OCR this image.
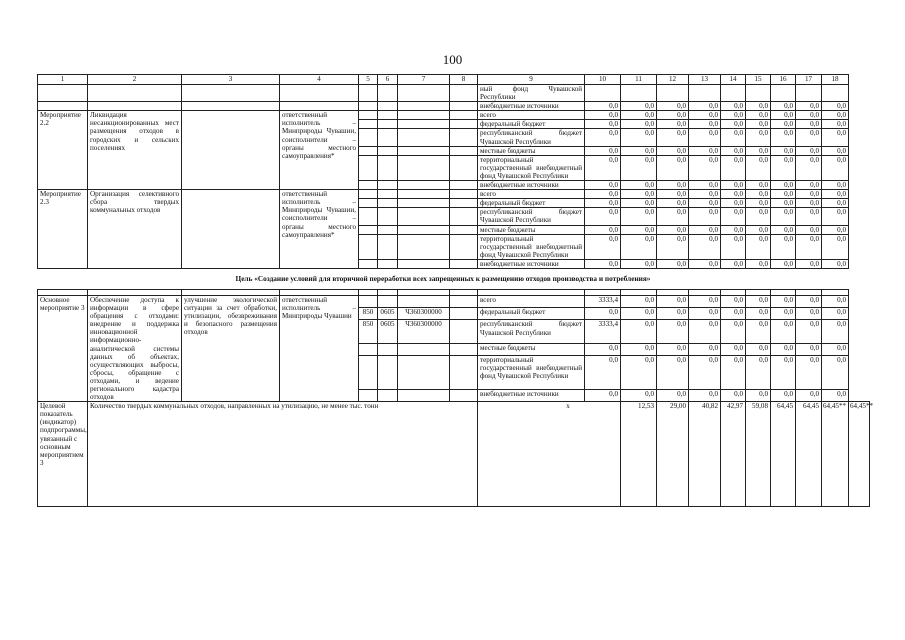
100
1	2	3	4	5	6	7	8	9	10	11	12	13	14	15	16	17	18	
								ный фонд Чувашской Республики										
								внебюджетные источники	0,0	0,0	0,0	0,0	0,0	0,0	0,0	0,0	0,0	
Мероприятие 2.2	Ликвидация несанкционированных мест размещения отходов в городских и сельских поселениях		ответственный исполнитель – Минприроды Чувашии, соисполнители – органы местного самоуправления*					всего	0,0	0,0	0,0	0,0	0,0	0,0	0,0	0,0	0,0	
								федеральный бюджет	0,0	0,0	0,0	0,0	0,0	0,0	0,0	0,0	0,0	
								республиканский бюджет Чувашской Республики	0,0	0,0	0,0	0,0	0,0	0,0	0,0	0,0	0,0	
								местные бюджеты	0,0	0,0	0,0	0,0	0,0	0,0	0,0	0,0	0,0	
								территориальный государственный внебюджетный фонд Чувашской Республики	0,0	0,0	0,0	0,0	0,0	0,0	0,0	0,0	0,0	
								внебюджетные источники	0,0	0,0	0,0	0,0	0,0	0,0	0,0	0,0	0,0	
Мероприятие 2.3	Организация селективного сбора твердых коммунальных отходов		ответственный исполнитель – Минприроды Чувашии, соисполнители – органы местного самоуправления*					всего	0,0	0,0	0,0	0,0	0,0	0,0	0,0	0,0	0,0	
								федеральный бюджет	0,0	0,0	0,0	0,0	0,0	0,0	0,0	0,0	0,0	
								республиканский бюджет Чувашской Республики	0,0	0,0	0,0	0,0	0,0	0,0	0,0	0,0	0,0	
								местные бюджеты	0,0	0,0	0,0	0,0	0,0	0,0	0,0	0,0	0,0	
								территориальный государственный внебюджетный фонд Чувашской Республики	0,0	0,0	0,0	0,0	0,0	0,0	0,0	0,0	0,0	
								внебюджетные источники	0,0	0,0	0,0	0,0	0,0	0,0	0,0	0,0	0,0	
Цель «Создание условий для вторичной переработки всех запрещенных к размещению отходов производства и потребления»																		

Основное мероприятие 3	Обеспечение доступа к информации в сфере обращения с отходами: внедрение и поддержка инновационной информационно-аналитической системы данных об объектах, осуществляющих выбросы, сбросы, обращение с отходами, и ведение регионального кадастра отходов	улучшение экологической ситуации за счет обработки, утилизации, обезвреживания и безопасного размещения отходов	ответственный исполнитель – Минприроды Чувашии					всего	3333,4	0,0	0,0	0,0	0,0	0,0	0,0	0,0	0,0	
				850	0605	Ч360300000		федеральный бюджет	0,0	0,0	0,0	0,0	0,0	0,0	0,0	0,0	0,0	
				850	0605	Ч360300000		республиканский бюджет Чувашской Республики	3333,4	0,0	0,0	0,0	0,0	0,0	0,0	0,0	0,0	
								местные бюджеты	0,0	0,0	0,0	0,0	0,0	0,0	0,0	0,0	0,0	
								территориальный государственный внебюджетный фонд Чувашской Республики	0,0	0,0	0,0	0,0	0,0	0,0	0,0	0,0	0,0	
								внебюджетные источники	0,0	0,0	0,0	0,0	0,0	0,0	0,0	0,0	0,0	
Целевой показатель (индикатор) подпрограммы, увязанный с основным мероприятием 3	Количество твердых коммунальных отходов, направленных на утилизацию, не менее тыс. тонн							х		12,53	29,00	40,82	42,97	59,08	64,45	64,45	64,45**	64,45**
